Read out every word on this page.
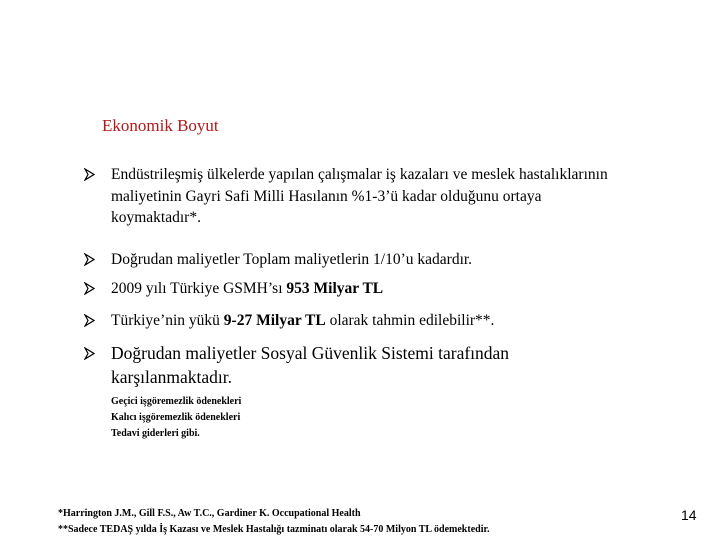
Ekonomik Boyut
Endüstrileşmiş ülkelerde yapılan çalışmalar iş kazaları ve meslek hastalıklarının maliyetinin Gayri Safi Milli Hasılanın %1-3’ü kadar olduğunu ortaya koymaktadır*.
Doğrudan maliyetler Toplam maliyetlerin 1/10’u kadardır.
2009 yılı Türkiye GSMH’sı 953 Milyar TL
Türkiye’nin yükü 9-27 Milyar TL olarak tahmin edilebilir**.
Doğrudan maliyetler Sosyal Güvenlik Sistemi tarafından karşılanmaktadır.
Geçici işgöremezlik ödenekleri
Kalıcı işgöremezlik ödenekleri
Tedavi giderleri gibi.
*Harrington J.M., Gill F.S., Aw T.C., Gardiner K. Occupational Health
**Sadece TEDAŞ yılda İş Kazası ve Meslek Hastalığı tazminatı olarak 54-70 Milyon TL ödemektedir.
14
